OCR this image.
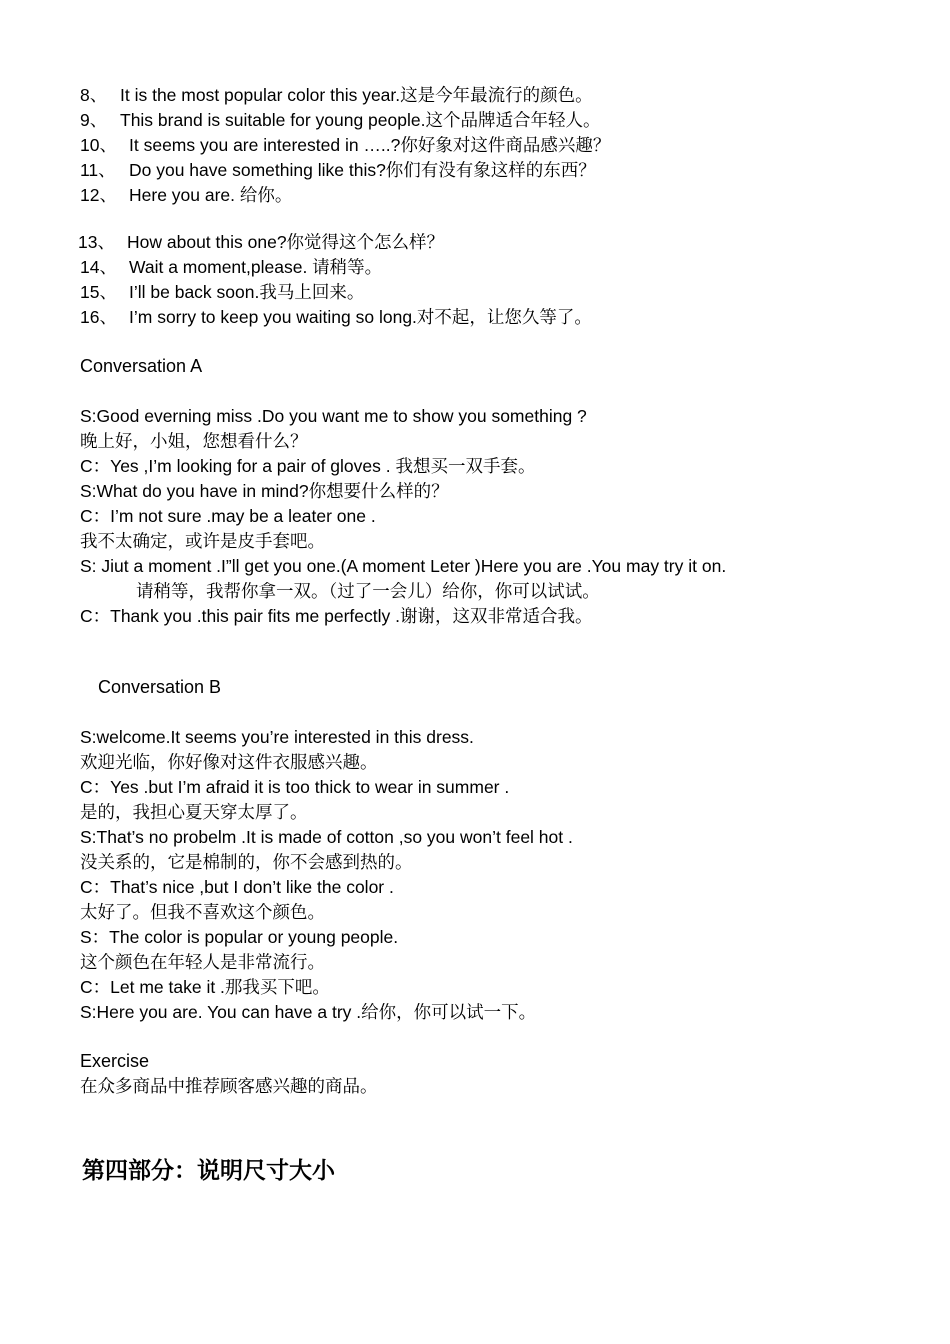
8、 It is the most popular color this year.这是今年最流行的颜色。
9、 This brand is suitable for young people.这个品牌适合年轻人。
10、 It seems you are interested in …..?你好象对这件商品感兴趣？
11、 Do you have something like this?你们有没有象这样的东西？
12、 Here you are. 给你。
13、 How about this one?你觉得这个怎么样？
14、 Wait a moment,please. 请稍等。
15、 I’ll be back soon.我马上回来。
16、 I’m sorry to keep you waiting so long.对不起，让您久等了。
Conversation A
S:Good everning miss .Do you want me to show you something ?
晚上好，小姐，您想看什么？
C：Yes ,I’m looking for a pair of gloves . 我想买一双手套。
S:What do you have in mind?你想要什么样的？
C：I’m not sure .may be a leater one .
我不太确定，或许是皮手套吧。
S: Jiut a moment .I”ll get you one.(A moment Leter )Here you are .You may try it on.
请稍等，我帮你拿一双。（过了一会儿）给你，你可以试试。
C：Thank you .this pair fits me perfectly .谢谢，这双非常适合我。
Conversation B
S:welcome.It seems you’re interested in this dress.
欢迎光临，你好像对这件衣服感兴趣。
C：Yes .but I’m afraid it is too thick to wear in summer .
是的，我担心夏天穿太厚了。
S:That’s no probelm .It is made of cotton ,so you won’t feel hot .
没关系的，它是棉制的，你不会感到热的。
C：That’s nice ,but I don’t like the color .
太好了。但我不喜欢这个颜色。
S：The color is popular or young people.
这个颜色在年轻人是非常流行。
C：Let me take it .那我买下吧。
S:Here you are. You can have a try .给你，你可以试一下。
Exercise
在众多商品中推荐顾客感兴趣的商品。
第四部分：说明尺寸大小
